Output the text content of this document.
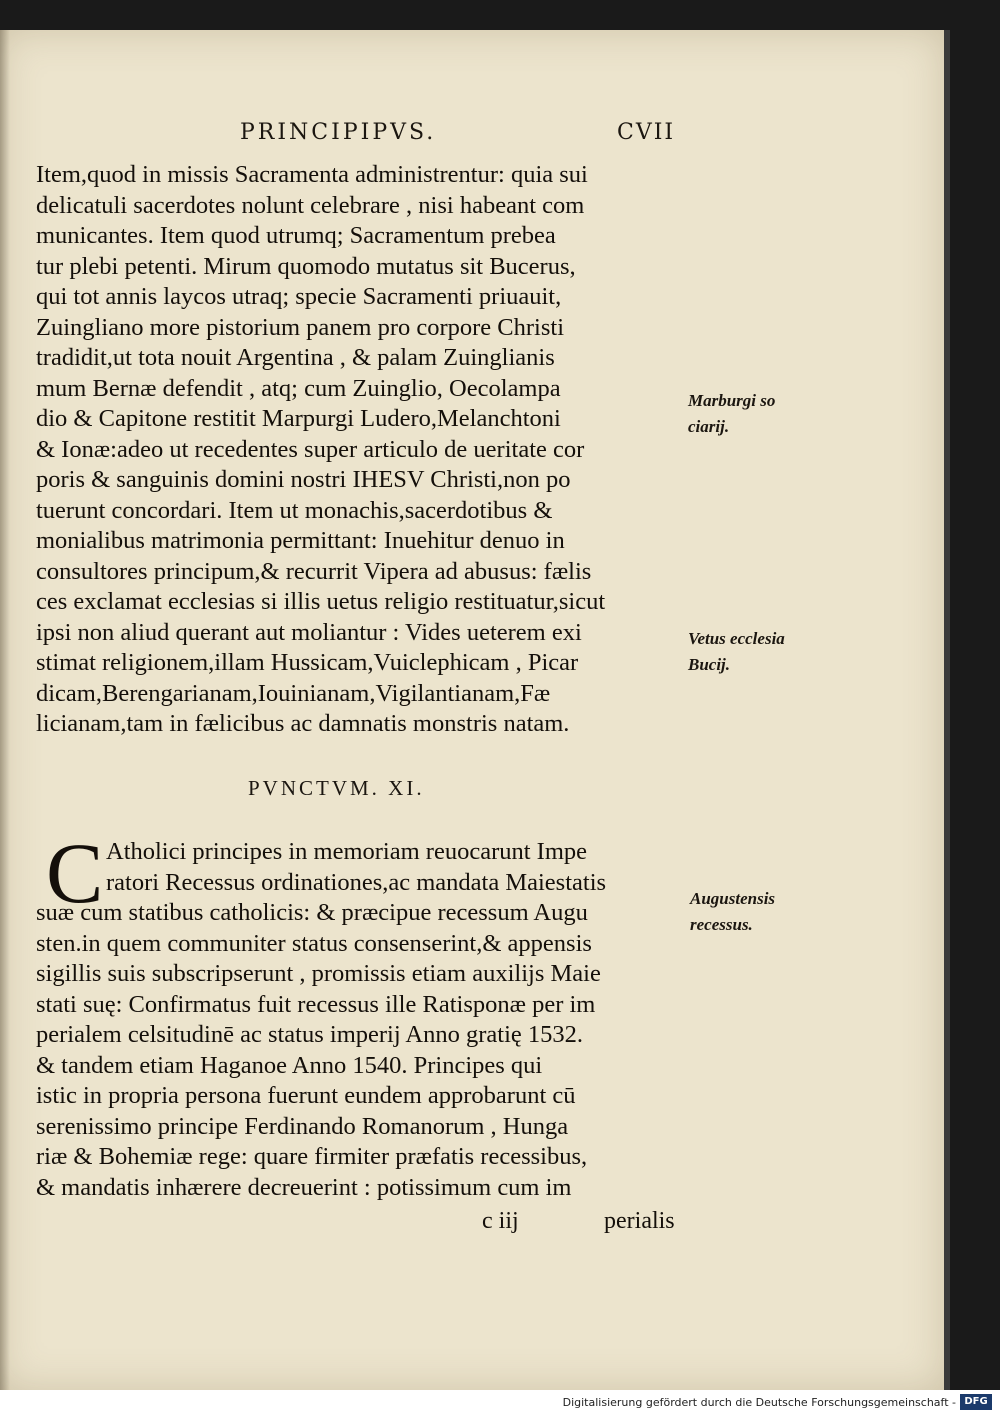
PRINCIPIPVS.	CVII
Item,quod in missis Sacramenta administrentur: quia sui
delicatuli sacerdotes nolunt celebrare , nisi habeant com
municantes. Item quod utrumq; Sacramentum prebea
tur plebi petenti. Mirum quomodo mutatus sit Bucerus,
qui tot annis laycos utraq; specie Sacramenti priuauit,
Zuingliano more pistorium panem pro corpore Christi
tradidit,ut tota nouit Argentina , & palam Zuinglianis
mum Bernæ defendit , atq; cum Zuinglio, Oecolampa
dio & Capitone restitit Marpurgi Ludero,Melanchtoni
& Ionæ:adeo ut recedentes super articulo de ueritate cor
poris & sanguinis domini nostri IHESV Christi,non po
tuerunt concordari. Item ut monachis,sacerdotibus &
monialibus matrimonia permittant: Inuehitur denuo in
consultores principum,& recurrit Vipera ad abusus: fælis
ces exclamat ecclesias si illis uetus religio restituatur,sicut
ipsi non aliud querant aut moliantur : Vides ueterem exi
stimat religionem,illam Hussicam,Vuiclephicam , Picar
dicam,Berengarianam,Iouinianam,Vigilantianam,Fæ
licianam,tam in fælicibus ac damnatis monstris natam.
Marburgi so
ciarij.
Vetus ecclesia
Bucij.
PVNCTVM. XI.
C Atholici principes in memoriam reuocarunt Impe
ratori Recessus ordinationes,ac mandata Maiestatis
suæ cum statibus catholicis: & præcipue recessum Augu
sten.in quem communiter status consenserint,& appensis
sigillis suis subscripserunt , promissis etiam auxilijs Maie
stati suę: Confirmatus fuit recessus ille Ratisponæ per im
perialem celsitudinē ac status imperij Anno gratię 1532.
& tandem etiam Haganoe Anno 1540. Principes qui
istic in propria persona fuerunt eundem approbarunt cū
serenissimo principe Ferdinando Romanorum , Hunga
riæ & Bohemiæ rege: quare firmiter præfatis recessibus,
& mandatis inhærere decreuerint : potissimum cum im
Augustensis
recessus.
c iij	perialis
Digitalisierung gefördert durch die Deutsche Forschungsgemeinschaft - DFG
